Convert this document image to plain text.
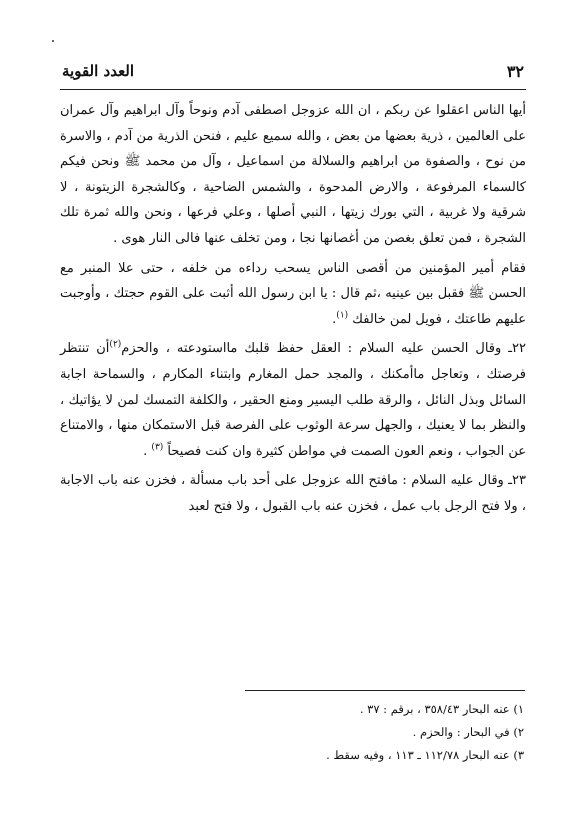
٣٢
العدد القوية

أيها الناس اعقلوا عن ربكم ، ان الله عزوجل اصطفى آدم ونوحاً وآل ابراهيم وآل عمران على العالمين ، ذرية بعضها من بعض ، والله سميع عليم ، فنحن الذرية من آدم ، والاسرة من نوح ، والصفوة من ابراهيم والسلالة من اسماعيل ، وآل من محمد ﷺ ونحن فيكم كالسماء المرفوعة ، والارض المدحوة ، والشمس الضاحية ، وكالشجرة الزيتونة ، لا شرقية ولا غربية ، التي بورك زيتها ، النبي أصلها ، وعلي فرعها ، ونحن والله ثمرة تلك الشجرة ، فمن تعلق بغصن من أغصانها نجا ، ومن تخلف عنها فالى النار هوى .

فقام أمير المؤمنين من أقصى الناس يسحب رداءه من خلفه ، حتى علا المنبر مع الحسن ﷺ فقبل بين عينيه ،ثم قال : يا ابن رسول الله أثبت على القوم حجتك ، وأوجبت عليهم طاعتك ، فويل لمن خالفك $^{(١)}$.

٢٢ـ وقال الحسن عليه السلام : العقل حفظ قلبك مااستودعته ، والحزم$^{(٢)}$أن تنتظر فرصتك ، وتعاجل ماأمكنك ، والمجد حمل المغارم وابتناء المكارم ، والسماحة اجابة السائل وبذل النائل ، والرقة طلب اليسير ومنع الحقير ، والكلفة التمسك لمن لا يؤاتيك ، والنظر بما لا يعنيك ، والجهل سرعة الوثوب على الفرصة قبل الاستمكان منها ، والامتناع عن الجواب ، ونعم العون الصمت في مواطن كثيرة وان كنت فصيحاً $^{(٣)}$ .

٢٣ـ وقال عليه السلام : مافتح الله عزوجل على أحد باب مسألة ، فخزن عنه باب الاجابة ، ولا فتح الرجل باب عمل ، فخزن عنه باب القبول ، ولا فتح لعبد

١) عنه البحار ٣٥٨/٤٣ ، برقم : ٣٧ .
٢) في البحار : والحزم .
٣) عنه البحار ١١٢/٧٨ ـ ١١٣ ، وفيه سقط .
